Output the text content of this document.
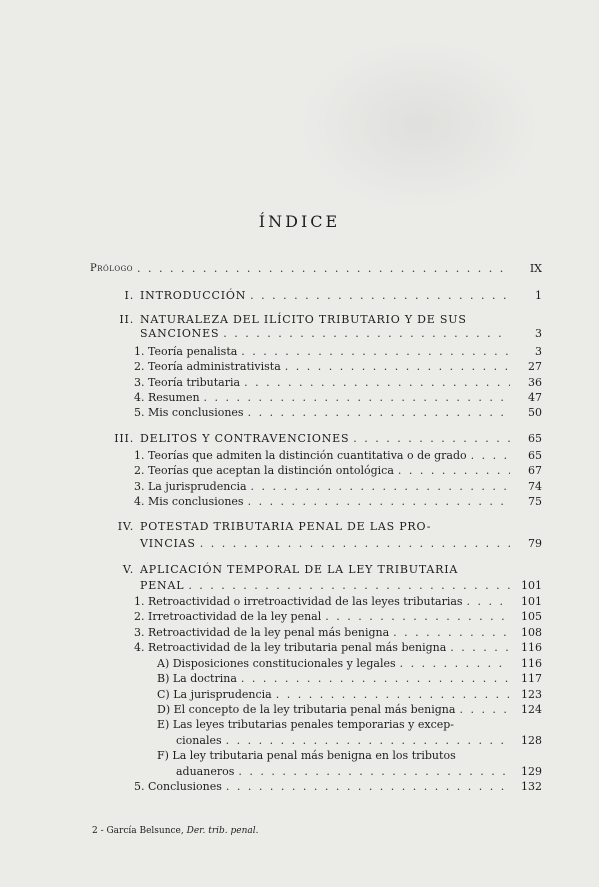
ÍNDICE
Prólogo . . .	IX
I. INTRODUCCIÓN . . .	1
II. NATURALEZA DEL ILÍCITO TRIBUTARIO Y DE SUS
SANCIONES . . .	3
1. Teoría penalista . . .	3
2. Teoría administrativista . . .	27
3. Teoría tributaria . . .	36
4. Resumen . . .	47
5. Mis conclusiones . . .	50
III. DELITOS Y CONTRAVENCIONES . . .	65
1. Teorías que admiten la distinción cuantitativa o de grado . . .	65
2. Teorías que aceptan la distinción ontológica . . .	67
3. La jurisprudencia . . .	74
4. Mis conclusiones . . .	75
IV. POTESTAD TRIBUTARIA PENAL DE LAS PRO-
VINCIAS . . .	79
V. APLICACIÓN TEMPORAL DE LA LEY TRIBUTARIA
PENAL . . .	101
1. Retroactividad o irretroactividad de las leyes tributarias . . .	101
2. Irretroactividad de la ley penal . . .	105
3. Retroactividad de la ley penal más benigna . . .	108
4. Retroactividad de la ley tributaria penal más benigna . . .	116
A) Disposiciones constitucionales y legales . . .	116
B) La doctrina . . .	117
C) La jurisprudencia . . .	123
D) El concepto de la ley tributaria penal más benigna . . .	124
E) Las leyes tributarias penales temporarias y excep-
cionales . . .	128
F) La ley tributaria penal más benigna en los tributos
aduaneros . . .	129
5. Conclusiones . . .	132
2 - García Belsunce, Der. trib. penal.
